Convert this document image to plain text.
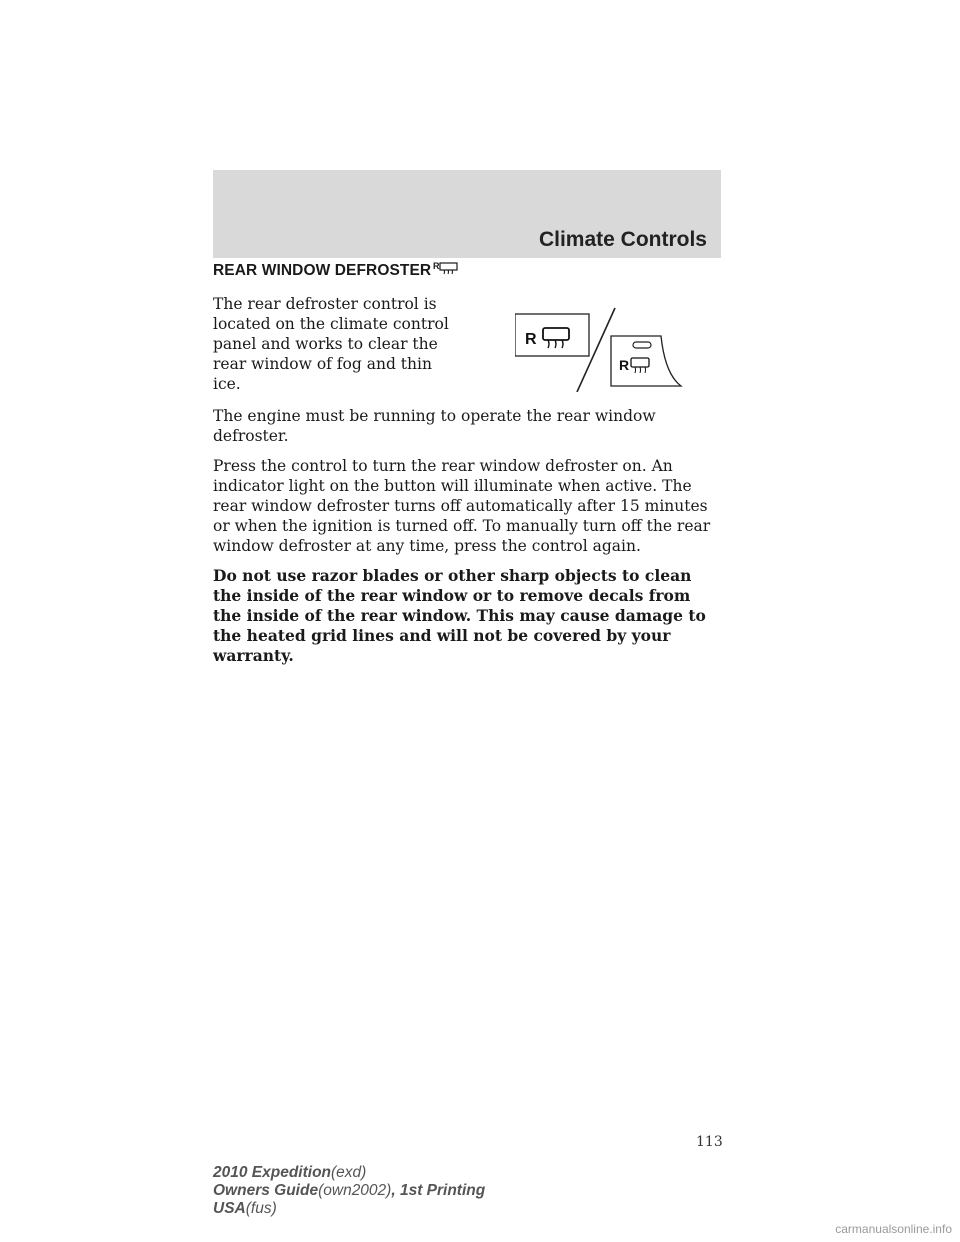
Climate Controls
REAR WINDOW DEFROSTER R

The rear defroster control is located on the climate control panel and works to clear the rear window of fog and thin ice.

R
R

The engine must be running to operate the rear window defroster.

Press the control to turn the rear window defroster on. An indicator light on the button will illuminate when active. The rear window defroster turns off automatically after 15 minutes or when the ignition is turned off. To manually turn off the rear window defroster at any time, press the control again.

Do not use razor blades or other sharp objects to clean the inside of the rear window or to remove decals from the inside of the rear window. This may cause damage to the heated grid lines and will not be covered by your warranty.

113
2010 Expedition(exd)
Owners Guide(own2002), 1st Printing
USA(fus)
carmanualsonline.info
